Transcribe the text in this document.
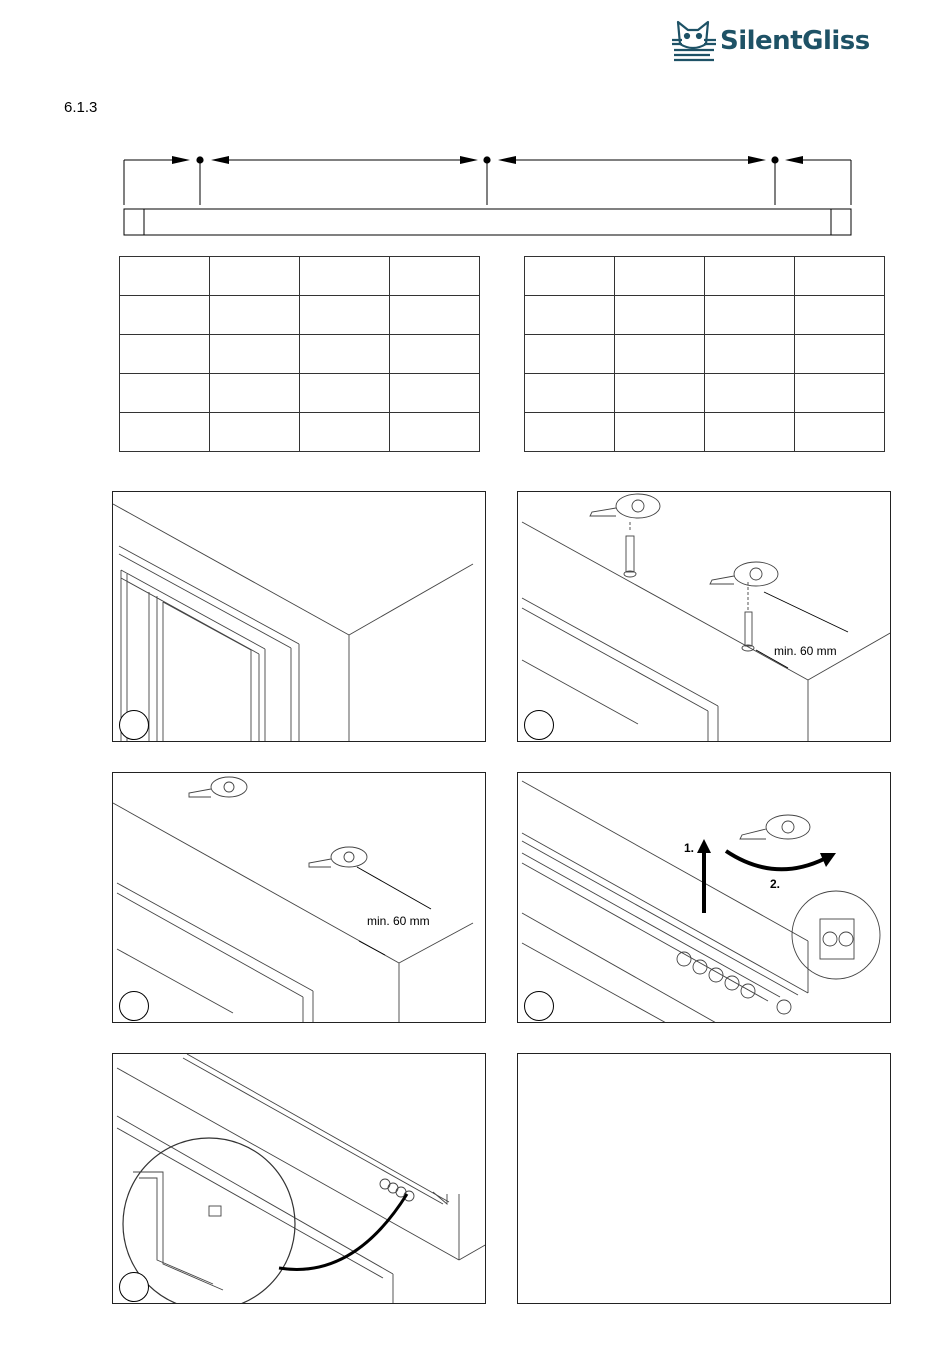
SilentGliss
6.1.3

min. 60 mm
min. 60 mm
1.
2.
